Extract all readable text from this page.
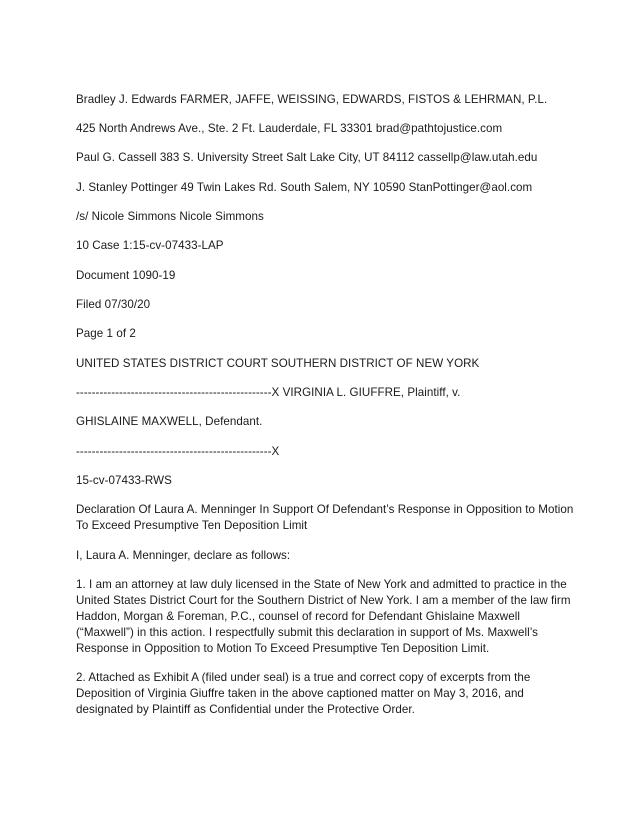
Bradley J. Edwards FARMER, JAFFE, WEISSING, EDWARDS, FISTOS & LEHRMAN, P.L.
425 North Andrews Ave., Ste. 2 Ft. Lauderdale, FL 33301 brad@pathtojustice.com
Paul G. Cassell 383 S. University Street Salt Lake City, UT 84112 cassellp@law.utah.edu
J. Stanley Pottinger 49 Twin Lakes Rd. South Salem, NY 10590 StanPottinger@aol.com
/s/ Nicole Simmons Nicole Simmons
10 Case 1:15-cv-07433-LAP
Document 1090-19
Filed 07/30/20
Page 1 of 2
UNITED STATES DISTRICT COURT SOUTHERN DISTRICT OF NEW YORK
--------------------------------------------------X VIRGINIA L. GIUFFRE, Plaintiff, v.
GHISLAINE MAXWELL, Defendant.
--------------------------------------------------X
15-cv-07433-RWS
Declaration Of Laura A. Menninger In Support Of Defendant’s Response in Opposition to Motion To Exceed Presumptive Ten Deposition Limit
I, Laura A. Menninger, declare as follows:
1. I am an attorney at law duly licensed in the State of New York and admitted to practice in the United States District Court for the Southern District of New York. I am a member of the law firm Haddon, Morgan & Foreman, P.C., counsel of record for Defendant Ghislaine Maxwell (“Maxwell”) in this action. I respectfully submit this declaration in support of Ms. Maxwell’s Response in Opposition to Motion To Exceed Presumptive Ten Deposition Limit.
2. Attached as Exhibit A (filed under seal) is a true and correct copy of excerpts from the Deposition of Virginia Giuffre taken in the above captioned matter on May 3, 2016, and designated by Plaintiff as Confidential under the Protective Order.
